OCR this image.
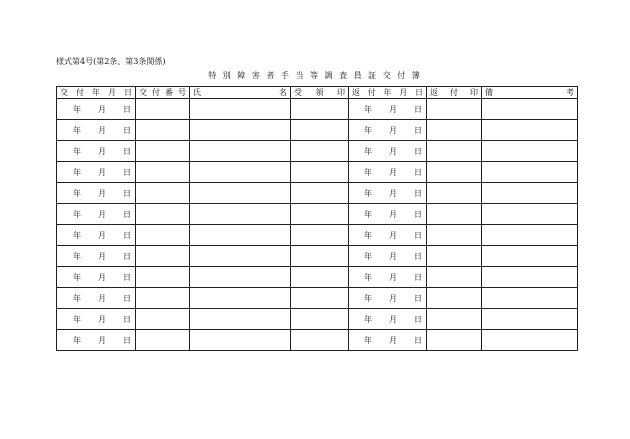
様式第4号(第2条、第3条関係)
特 別 障 害 者 手 当 等 調 査 員 証 交 付 簿
交 付 年 月 日	交 付 番 号	氏 名	受 領 印	返 付 年 月 日	返 付 印	備 考

年 月 日				年 月 日		
年 月 日				年 月 日		
年 月 日				年 月 日		
年 月 日				年 月 日		
年 月 日				年 月 日		
年 月 日				年 月 日		
年 月 日				年 月 日		
年 月 日				年 月 日		
年 月 日				年 月 日		
年 月 日				年 月 日		
年 月 日				年 月 日		
年 月 日				年 月 日		
